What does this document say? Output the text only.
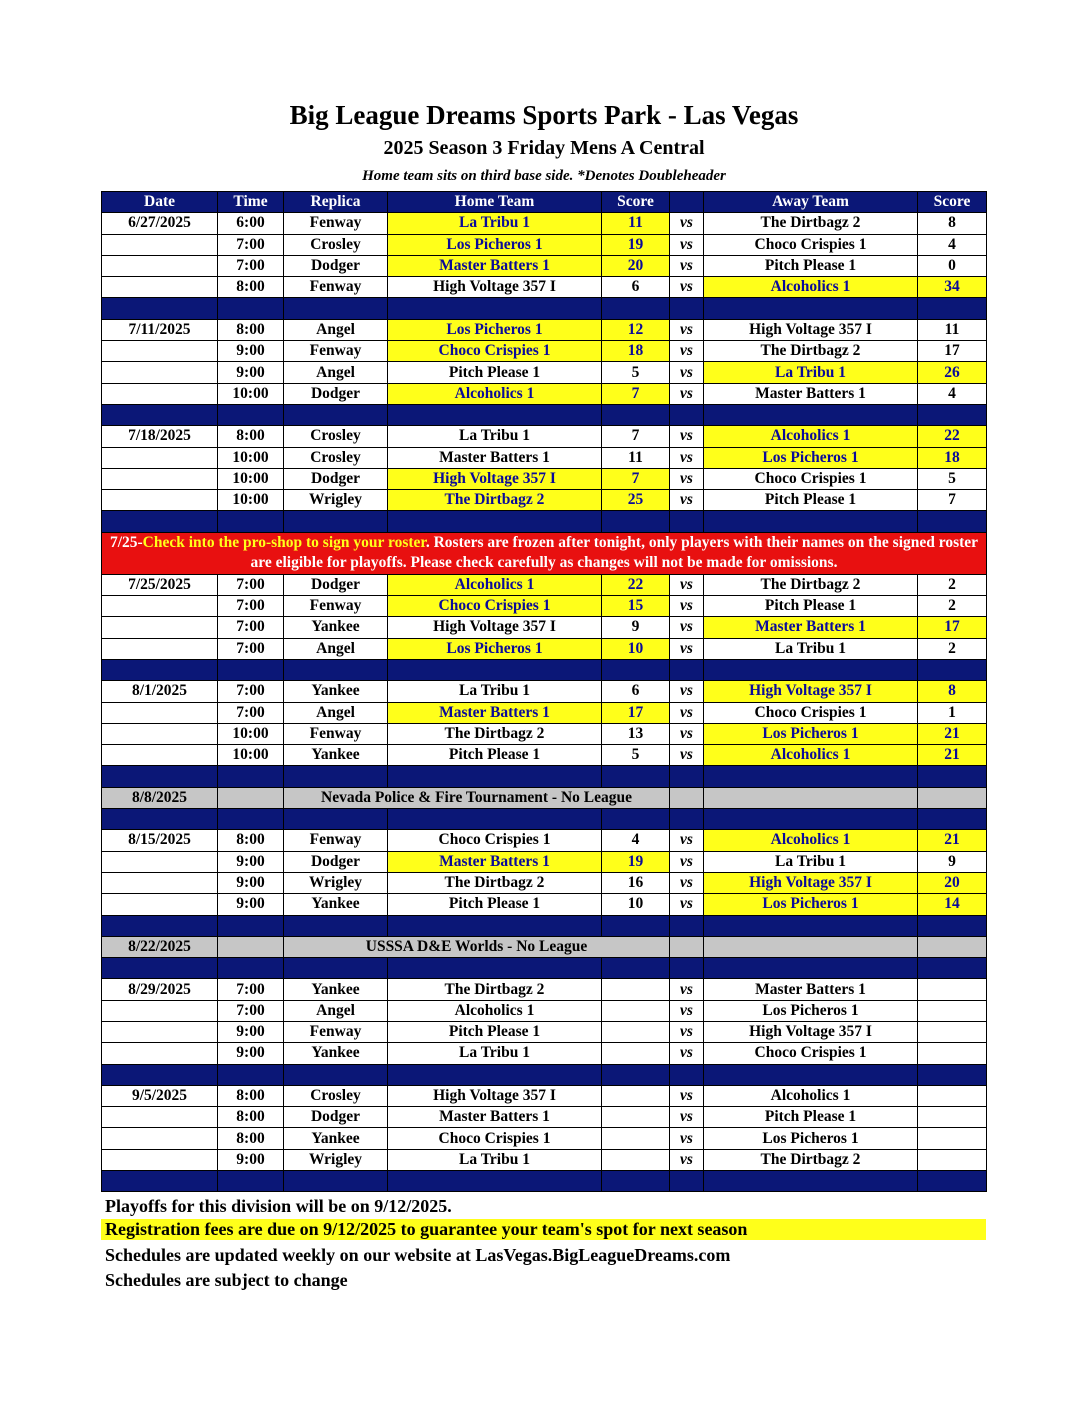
Big League Dreams Sports Park - Las Vegas
2025 Season 3 Friday Mens A Central
Home team sits on third base side. *Denotes Doubleheader
Date	Time	Replica	Home Team	Score		Away Team	Score
6/27/2025	6:00	Fenway	La Tribu 1	11	vs	The Dirtbagz 2	8
	7:00	Crosley	Los Picheros 1	19	vs	Choco Crispies 1	4
	7:00	Dodger	Master Batters 1	20	vs	Pitch Please 1	0
	8:00	Fenway	High Voltage 357 I	6	vs	Alcoholics 1	34

7/11/2025	8:00	Angel	Los Picheros 1	12	vs	High Voltage 357 I	11
	9:00	Fenway	Choco Crispies 1	18	vs	The Dirtbagz 2	17
	9:00	Angel	Pitch Please 1	5	vs	La Tribu 1	26
	10:00	Dodger	Alcoholics 1	7	vs	Master Batters 1	4

7/18/2025	8:00	Crosley	La Tribu 1	7	vs	Alcoholics 1	22
	10:00	Crosley	Master Batters 1	11	vs	Los Picheros 1	18
	10:00	Dodger	High Voltage 357 I	7	vs	Choco Crispies 1	5
	10:00	Wrigley	The Dirtbagz 2	25	vs	Pitch Please 1	7

7/25-Check into the pro-shop to sign your roster. Rosters are frozen after tonight, only players with their names on the signed roster are eligible for playoffs. Please check carefully as changes will not be made for omissions.							
7/25/2025	7:00	Dodger	Alcoholics 1	22	vs	The Dirtbagz 2	2
	7:00	Fenway	Choco Crispies 1	15	vs	Pitch Please 1	2
	7:00	Yankee	High Voltage 357 I	9	vs	Master Batters 1	17
	7:00	Angel	Los Picheros 1	10	vs	La Tribu 1	2

8/1/2025	7:00	Yankee	La Tribu 1	6	vs	High Voltage 357 I	8
	7:00	Angel	Master Batters 1	17	vs	Choco Crispies 1	1
	10:00	Fenway	The Dirtbagz 2	13	vs	Los Picheros 1	21
	10:00	Yankee	Pitch Please 1	5	vs	Alcoholics 1	21

8/8/2025		Nevada Police & Fire Tournament - No League					

8/15/2025	8:00	Fenway	Choco Crispies 1	4	vs	Alcoholics 1	21
	9:00	Dodger	Master Batters 1	19	vs	La Tribu 1	9
	9:00	Wrigley	The Dirtbagz 2	16	vs	High Voltage 357 I	20
	9:00	Yankee	Pitch Please 1	10	vs	Los Picheros 1	14

8/22/2025		USSSA D&E Worlds - No League					

8/29/2025	7:00	Yankee	The Dirtbagz 2		vs	Master Batters 1	
	7:00	Angel	Alcoholics 1		vs	Los Picheros 1	
	9:00	Fenway	Pitch Please 1		vs	High Voltage 357 I	
	9:00	Yankee	La Tribu 1		vs	Choco Crispies 1	

9/5/2025	8:00	Crosley	High Voltage 357 I		vs	Alcoholics 1	
	8:00	Dodger	Master Batters 1		vs	Pitch Please 1	
	8:00	Yankee	Choco Crispies 1		vs	Los Picheros 1	
	9:00	Wrigley	La Tribu 1		vs	The Dirtbagz 2	

Playoffs for this division will be on 9/12/2025.
Registration fees are due on 9/12/2025 to guarantee your team's spot for next season
Schedules are updated weekly on our website at LasVegas.BigLeagueDreams.com
Schedules are subject to change
